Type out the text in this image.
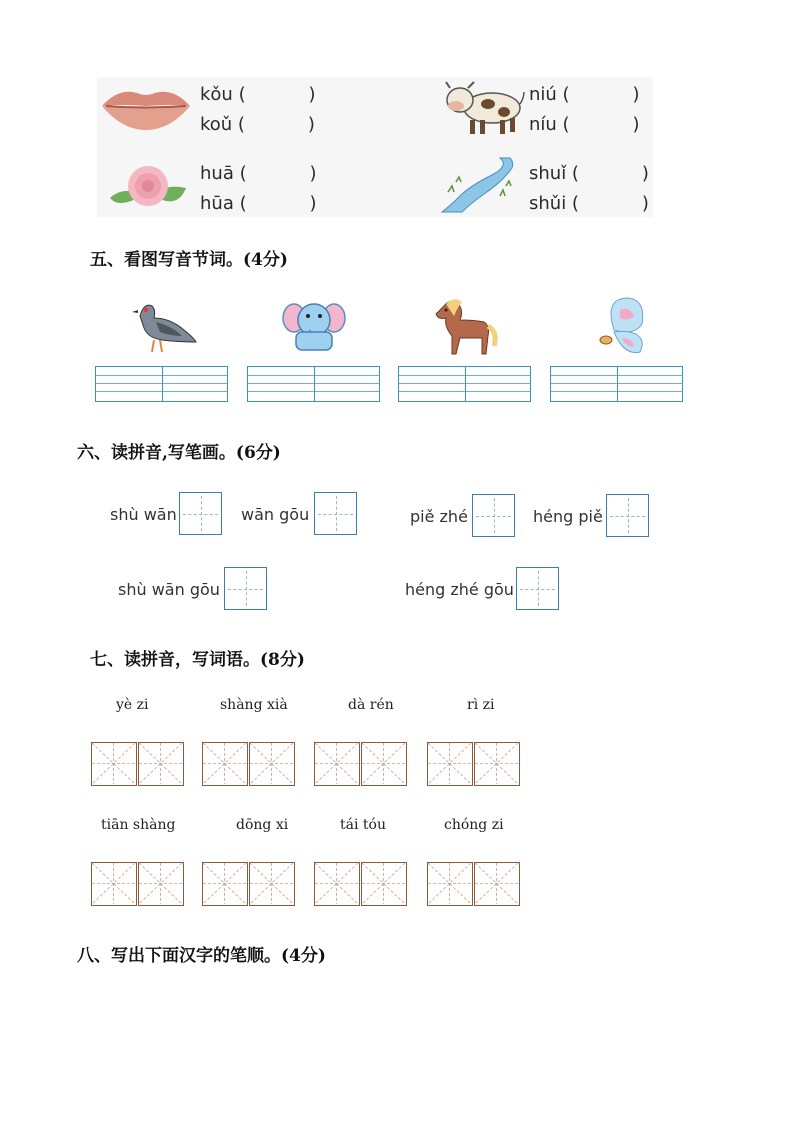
kǒu (           )
koǔ (           )
niú (           )
níu (           )
huā (           )
hūa (           )
shuǐ (           )
shǔi (           )
五、看图写音节词。(4分)
六、读拼音,写笔画。(6分)
shù wān	wān gōu	piě zhé	héng piě
shù wān gōu	héng zhé gōu
七、读拼音，写词语。(8分)
yè zi	shàng xià	dà rén	rì zi
tiān shàng	dōng xi	tái tóu	chóng zi
八、写出下面汉字的笔顺。(4分)
